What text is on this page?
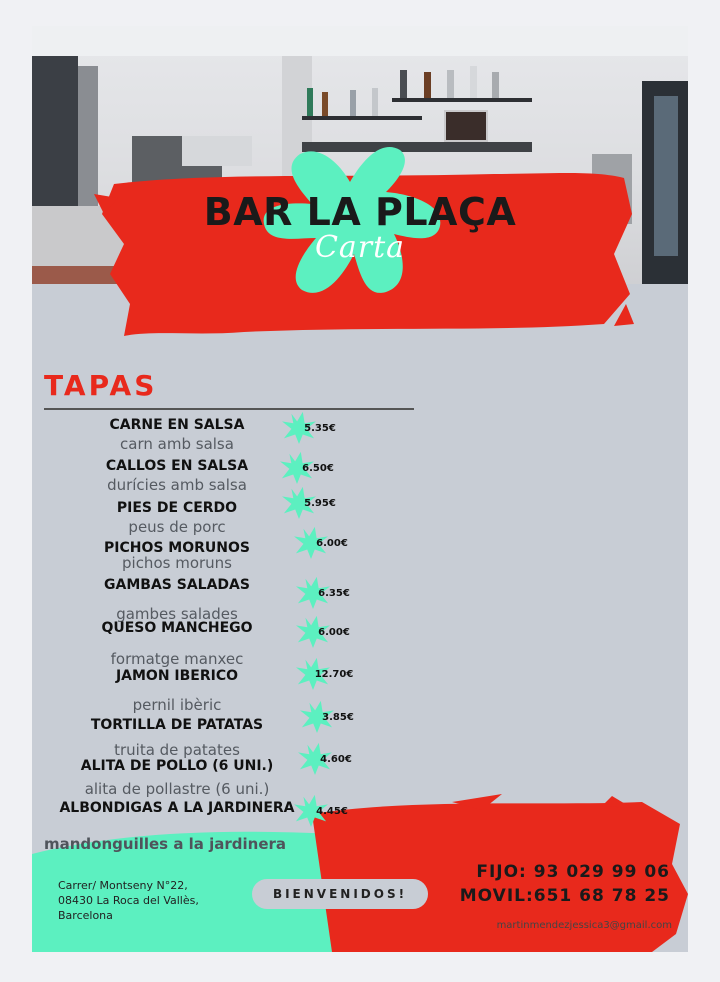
BAR LA PLAÇA
Carta
TAPAS
CARNE EN SALSA
carn amb salsa
CALLOS EN SALSA
durícies amb salsa
PIES DE CERDO
peus de porc
PICHOS MORUNOS
pichos moruns
GAMBAS SALADAS
gambes salades
QUESO MANCHEGO
formatge manxec
JAMON IBERICO
pernil ibèric
TORTILLA DE PATATAS
truita de patates
ALITA DE POLLO (6 UNI.)
alita de pollastre (6 uni.)
ALBONDIGAS A LA JARDINERA
mandonguilles a la jardinera
5.35€
6.50€
5.95€
6.00€
6.35€
6.00€
12.70€
3.85€
4.60€
4.45€
Carrer/ Montseny N°22,
08430 La Roca del Vallès,
Barcelona
BIENVENIDOS!
FIJO: 93 029 99 06
MOVIL:651 68 78 25
martinmendezjessica3@gmail.com
